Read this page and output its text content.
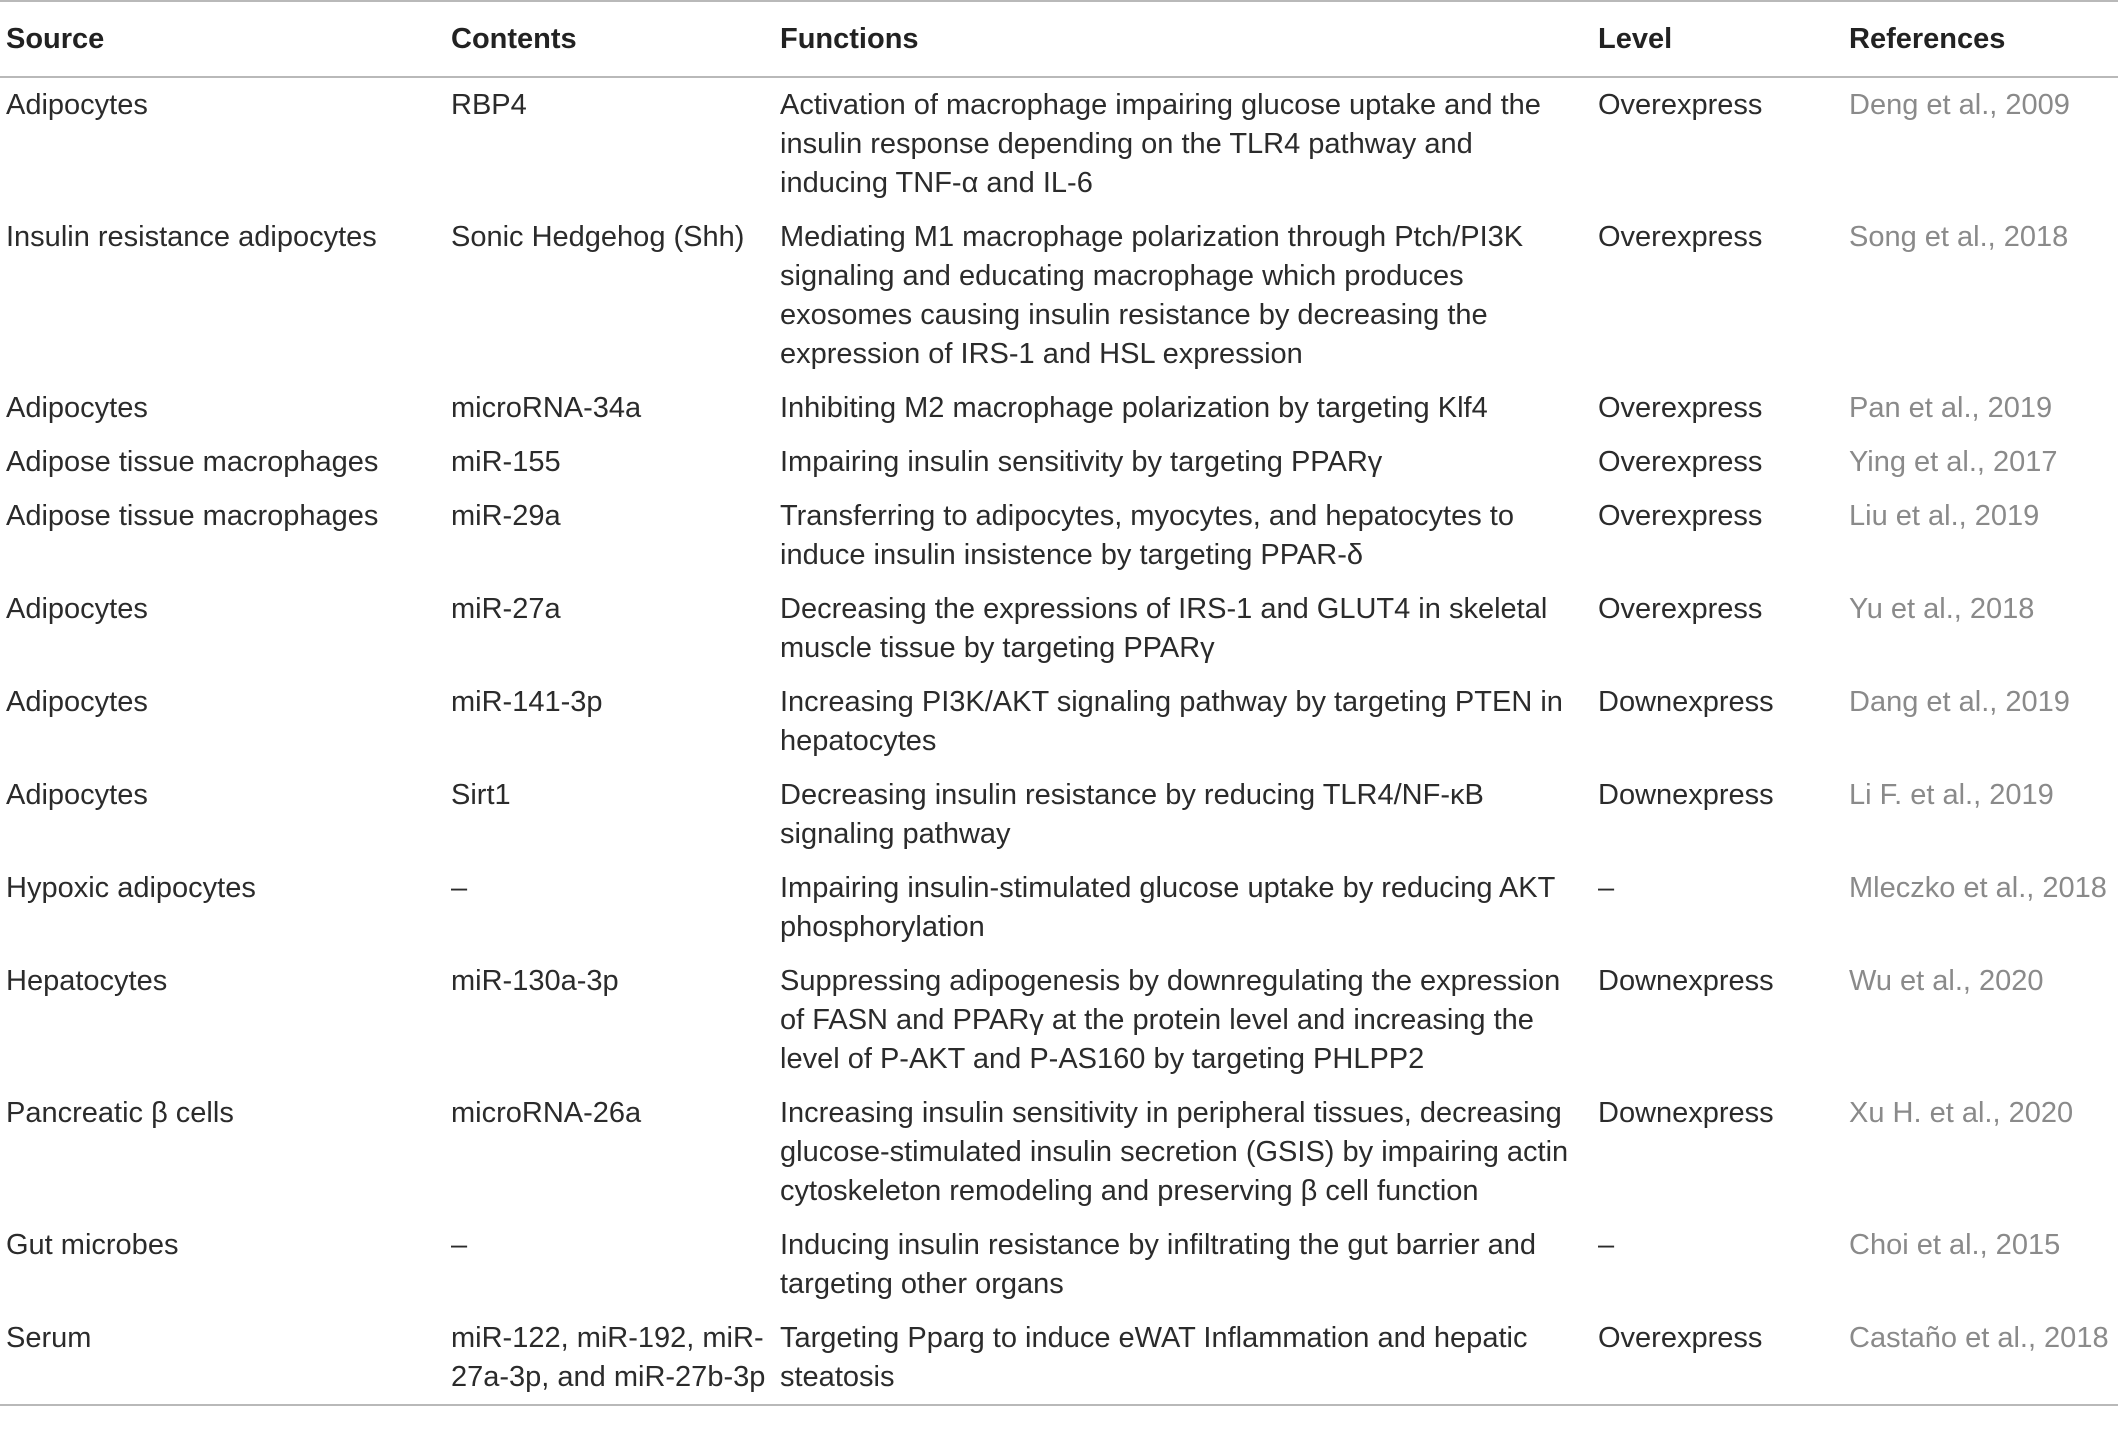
Source	Contents	Functions	Level	References
Adipocytes	RBP4	Activation of macrophage impairing glucose uptake and the insulin response depending on the TLR4 pathway and inducing TNF-α and IL-6	Overexpress	Deng et al., 2009
Insulin resistance adipocytes	Sonic Hedgehog (Shh)	Mediating M1 macrophage polarization through Ptch/PI3K signaling and educating macrophage which produces exosomes causing insulin resistance by decreasing the expression of IRS-1 and HSL expression	Overexpress	Song et al., 2018
Adipocytes	microRNA-34a	Inhibiting M2 macrophage polarization by targeting Klf4	Overexpress	Pan et al., 2019
Adipose tissue macrophages	miR-155	Impairing insulin sensitivity by targeting PPARγ	Overexpress	Ying et al., 2017
Adipose tissue macrophages	miR-29a	Transferring to adipocytes, myocytes, and hepatocytes to induce insulin insistence by targeting PPAR-δ	Overexpress	Liu et al., 2019
Adipocytes	miR-27a	Decreasing the expressions of IRS-1 and GLUT4 in skeletal muscle tissue by targeting PPARγ	Overexpress	Yu et al., 2018
Adipocytes	miR-141-3p	Increasing PI3K/AKT signaling pathway by targeting PTEN in hepatocytes	Downexpress	Dang et al., 2019
Adipocytes	Sirt1	Decreasing insulin resistance by reducing TLR4/NF-κB signaling pathway	Downexpress	Li F. et al., 2019
Hypoxic adipocytes	–	Impairing insulin-stimulated glucose uptake by reducing AKT phosphorylation	–	Mleczko et al., 2018
Hepatocytes	miR-130a-3p	Suppressing adipogenesis by downregulating the expression of FASN and PPARγ at the protein level and increasing the level of P-AKT and P-AS160 by targeting PHLPP2	Downexpress	Wu et al., 2020
Pancreatic β cells	microRNA-26a	Increasing insulin sensitivity in peripheral tissues, decreasing glucose-stimulated insulin secretion (GSIS) by impairing actin cytoskeleton remodeling and preserving β cell function	Downexpress	Xu H. et al., 2020
Gut microbes	–	Inducing insulin resistance by infiltrating the gut barrier and targeting other organs	–	Choi et al., 2015
Serum	miR-122, miR-192, miR-27a-3p, and miR-27b-3p	Targeting Pparg to induce eWAT Inflammation and hepatic steatosis	Overexpress	Castaño et al., 2018
